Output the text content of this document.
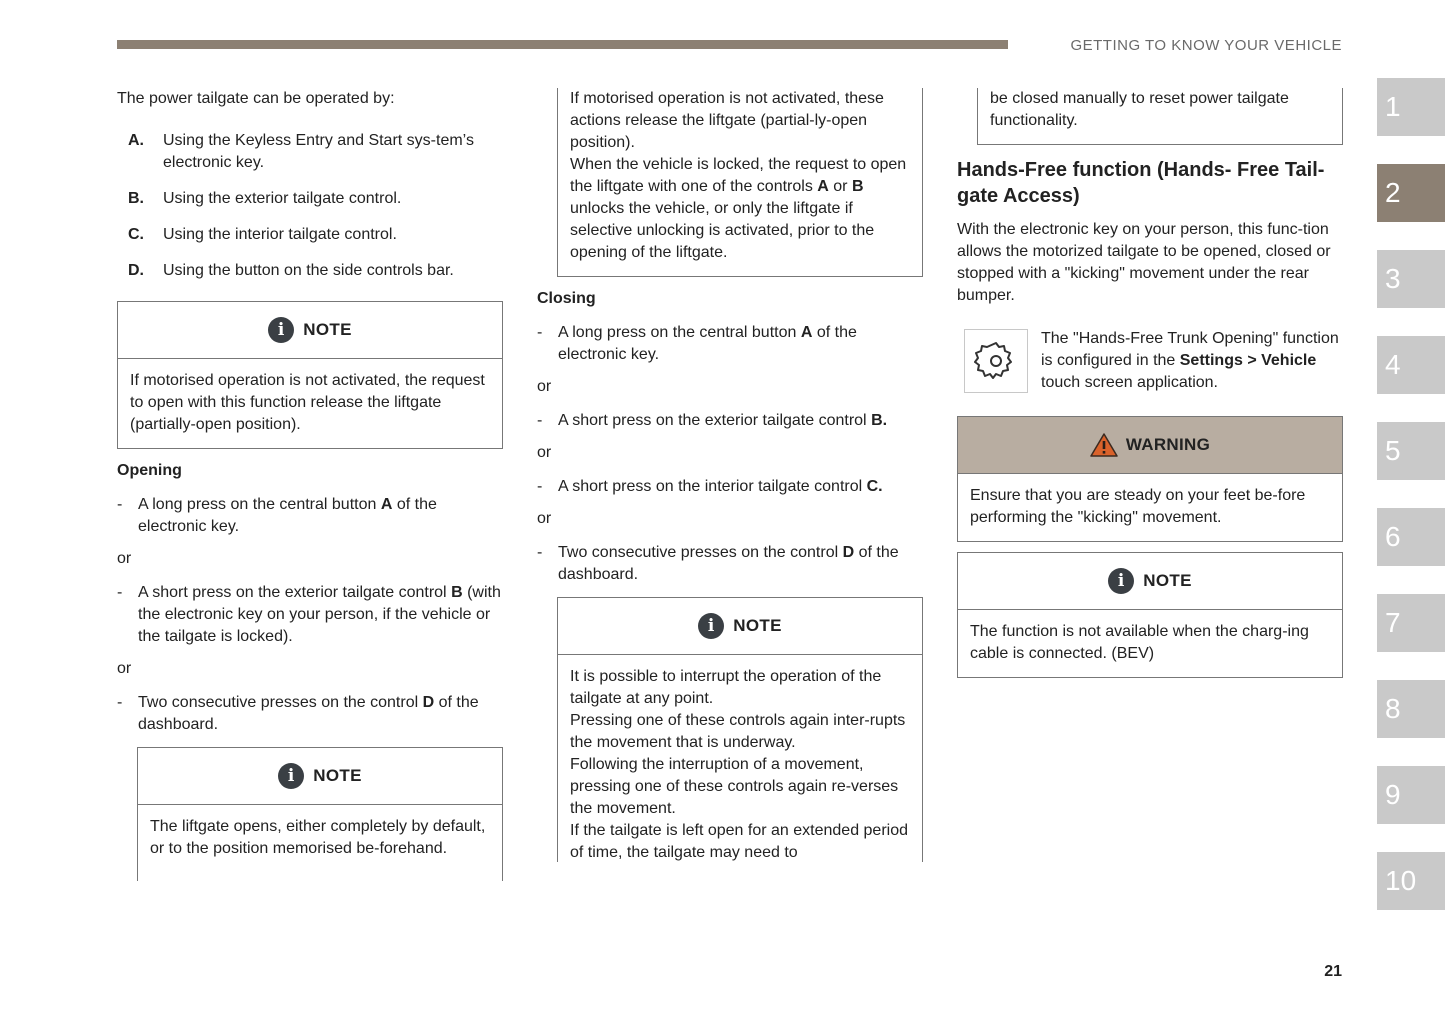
GETTING TO KNOW YOUR VEHICLE

The power tailgate can be operated by:

A.	Using the Keyless Entry and Start sys-tem’s electronic key.
B.	Using the exterior tailgate control.
C.	Using the interior tailgate control.
D.	Using the button on the side controls bar.
i	NOTE
If motorised operation is not activated, the request to open with this function release the liftgate (partially-open position).

Opening

- A long press on the central button A of the electronic key.

or

- A short press on the exterior tailgate control B (with the electronic key on your person, if the vehicle or the tailgate is locked).

or

- Two consecutive presses on the control D of the dashboard.
i	NOTE
The liftgate opens, either completely by default, or to the position memorised be-forehand.

If motorised operation is not activated, these actions release the liftgate (partial-ly-open position).

When the vehicle is locked, the request to open the liftgate with one of the controls A or B unlocks the vehicle, or only the liftgate if selective unlocking is activated, prior to the opening of the liftgate.

Closing

- A long press on the central button A of the electronic key.

or

- A short press on the exterior tailgate control B.

or

- A short press on the interior tailgate control C.

or

- Two consecutive presses on the control D of the dashboard.
i	NOTE

It is possible to interrupt the operation of the tailgate at any point.

Pressing one of these controls again inter-rupts the movement that is underway.

Following the interruption of a movement, pressing one of these controls again re-verses the movement.

If the tailgate is left open for an extended period of time, the tailgate may need to

be closed manually to reset power tailgate functionality.

Hands-Free function (Hands- Free Tail-gate Access)

With the electronic key on your person, this func-tion allows the motorized tailgate to be opened, closed or stopped with a "kicking" movement under the rear bumper.

The "Hands-Free Trunk Opening" function is configured in the Settings > Vehicle touch screen application.

WARNING
Ensure that you are steady on your feet be-fore performing the "kicking" movement.
i	NOTE
The function is not available when the charg-ing cable is connected. (BEV)
1
2
3
4
5
6
7
8
9
10
21
